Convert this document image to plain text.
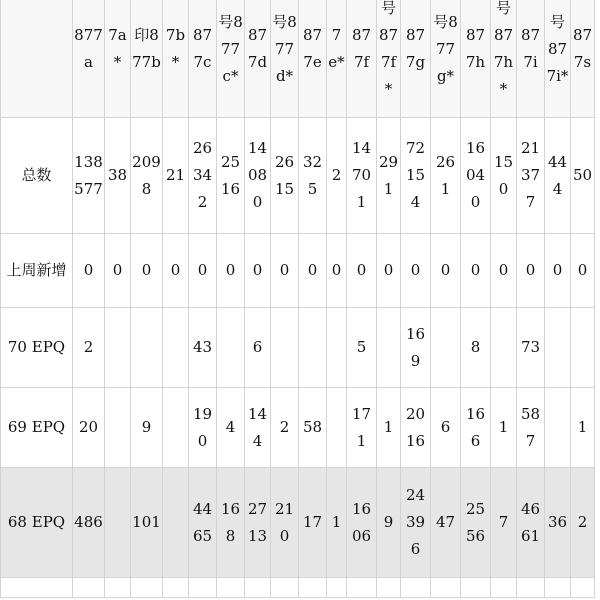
	877a	7a*	印877b	7b*	877c	号877c*	877d	号877d*	877e	7e*	877f	号877f*	877g	号877g*	877h	号877h*	877i	号877i*	877s

总数	138577	38	2098	21	26342	2516	14080	2615	325	2	14701	291	72154	261	16040	150	21377	444	50

上周新增	0	0	0	0	0	0	0	0	0	0	0	0	0	0	0	0	0	0	0

70 EPQ	2				43		6				5		169		8		73		

69 EPQ	20		9		190	4	144	2	58		171	1	2016	6	166	1	587		1

68 EPQ	486		101		4465	168	2713	210	17	1	1606	9	24396	47	2556	7	4661	36	2
